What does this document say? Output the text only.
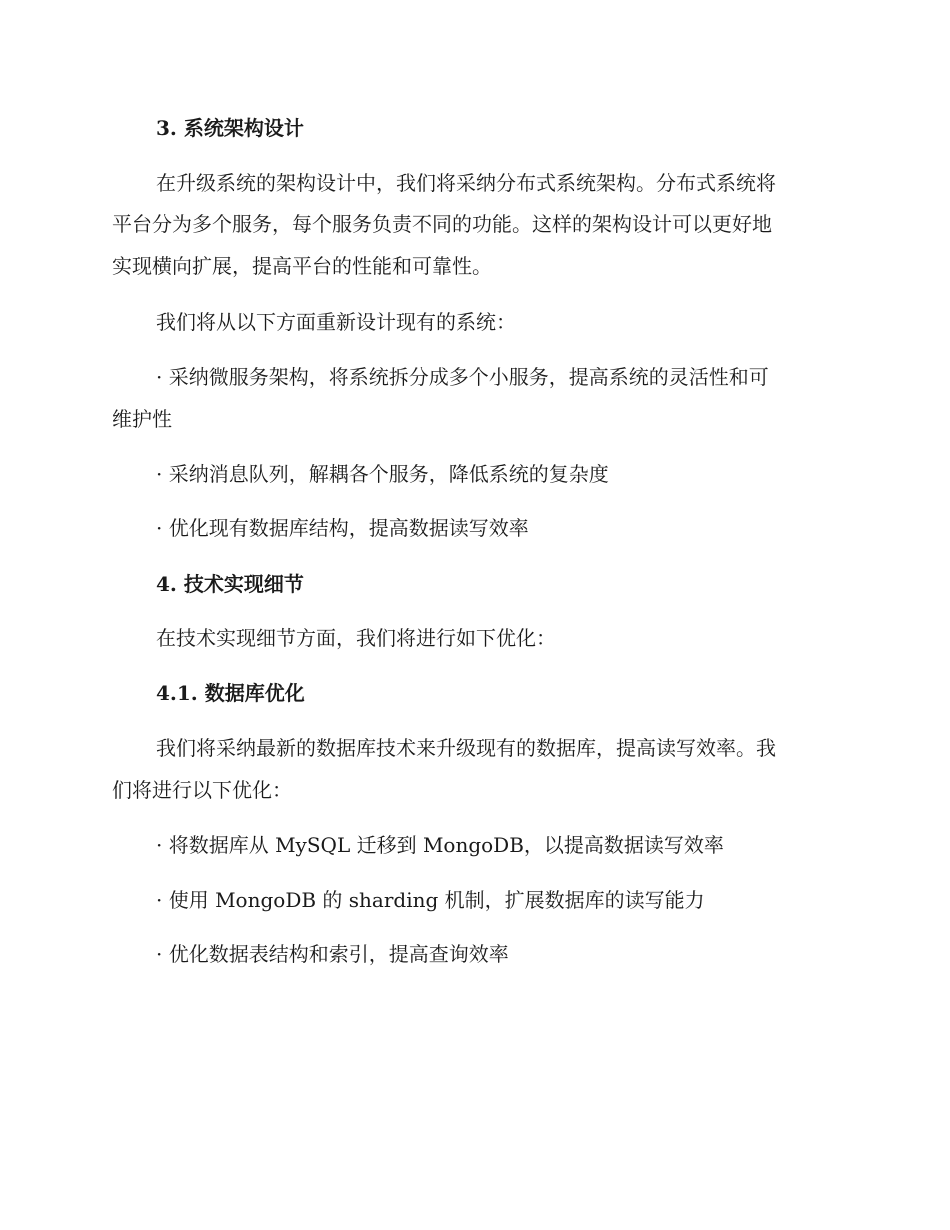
3. 系统架构设计
在升级系统的架构设计中，我们将采纳分布式系统架构。分布式系统将
平台分为多个服务，每个服务负责不同的功能。这样的架构设计可以更好地
实现横向扩展，提高平台的性能和可靠性。
我们将从以下方面重新设计现有的系统：
· 采纳微服务架构，将系统拆分成多个小服务，提高系统的灵活性和可
维护性
· 采纳消息队列，解耦各个服务，降低系统的复杂度
· 优化现有数据库结构，提高数据读写效率
4. 技术实现细节
在技术实现细节方面，我们将进行如下优化：
4.1. 数据库优化
我们将采纳最新的数据库技术来升级现有的数据库，提高读写效率。我
们将进行以下优化：
· 将数据库从 MySQL 迁移到 MongoDB，以提高数据读写效率
· 使用 MongoDB 的 sharding 机制，扩展数据库的读写能力
· 优化数据表结构和索引，提高查询效率
